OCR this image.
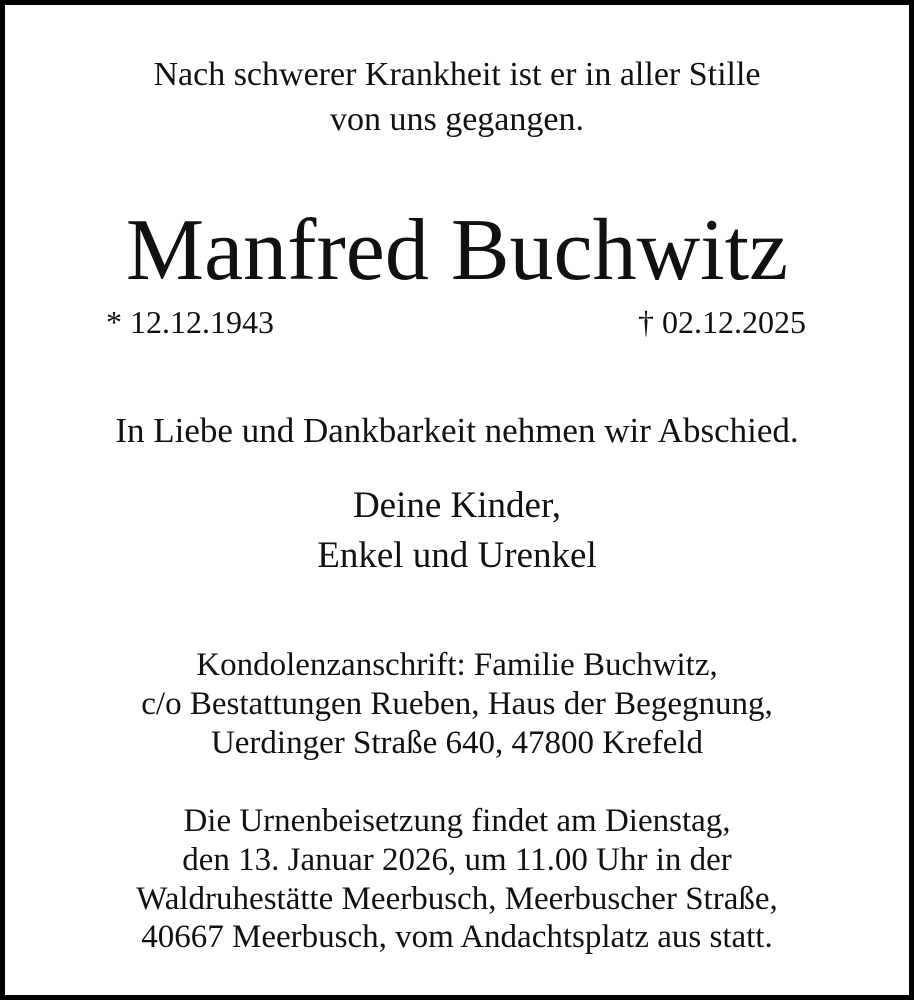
Nach schwerer Krankheit ist er in aller Stille
von uns gegangen.
Manfred Buchwitz
* 12.12.1943	† 02.12.2025
In Liebe und Dankbarkeit nehmen wir Abschied.
Deine Kinder,
Enkel und Urenkel
Kondolenzanschrift: Familie Buchwitz,
c/o Bestattungen Rueben, Haus der Begegnung,
Uerdinger Straße 640, 47800 Krefeld
Die Urnenbeisetzung findet am Dienstag,
den 13. Januar 2026, um 11.00 Uhr in der
Waldruhestätte Meerbusch, Meerbuscher Straße,
40667 Meerbusch, vom Andachtsplatz aus statt.
